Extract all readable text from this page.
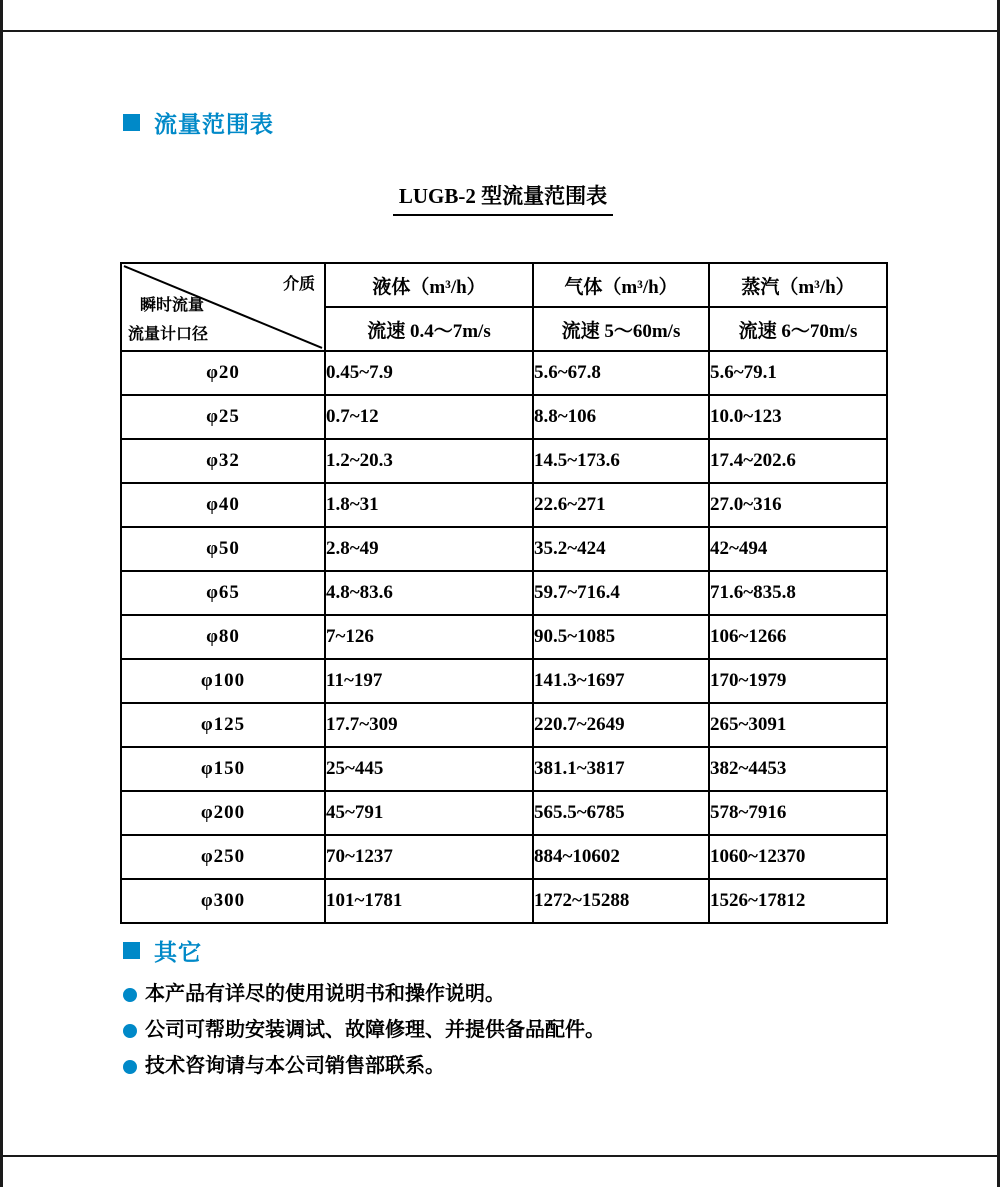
流量范围表
LUGB-2 型流量范围表
介质
瞬时流量
流量计口径	液体（m³/h）	气体（m³/h）	蒸汽（m³/h）
	流速 0.4～7m/s	流速 5～60m/s	流速 6～70m/s
φ20	0.45~7.9	5.6~67.8	5.6~79.1
φ25	0.7~12	8.8~106	10.0~123
φ32	1.2~20.3	14.5~173.6	17.4~202.6
φ40	1.8~31	22.6~271	27.0~316
φ50	2.8~49	35.2~424	42~494
φ65	4.8~83.6	59.7~716.4	71.6~835.8
φ80	7~126	90.5~1085	106~1266
φ100	11~197	141.3~1697	170~1979
φ125	17.7~309	220.7~2649	265~3091
φ150	25~445	381.1~3817	382~4453
φ200	45~791	565.5~6785	578~7916
φ250	70~1237	884~10602	1060~12370
φ300	101~1781	1272~15288	1526~17812
其它
本产品有详尽的使用说明书和操作说明。
公司可帮助安装调试、故障修理、并提供备品配件。
技术咨询请与本公司销售部联系。
